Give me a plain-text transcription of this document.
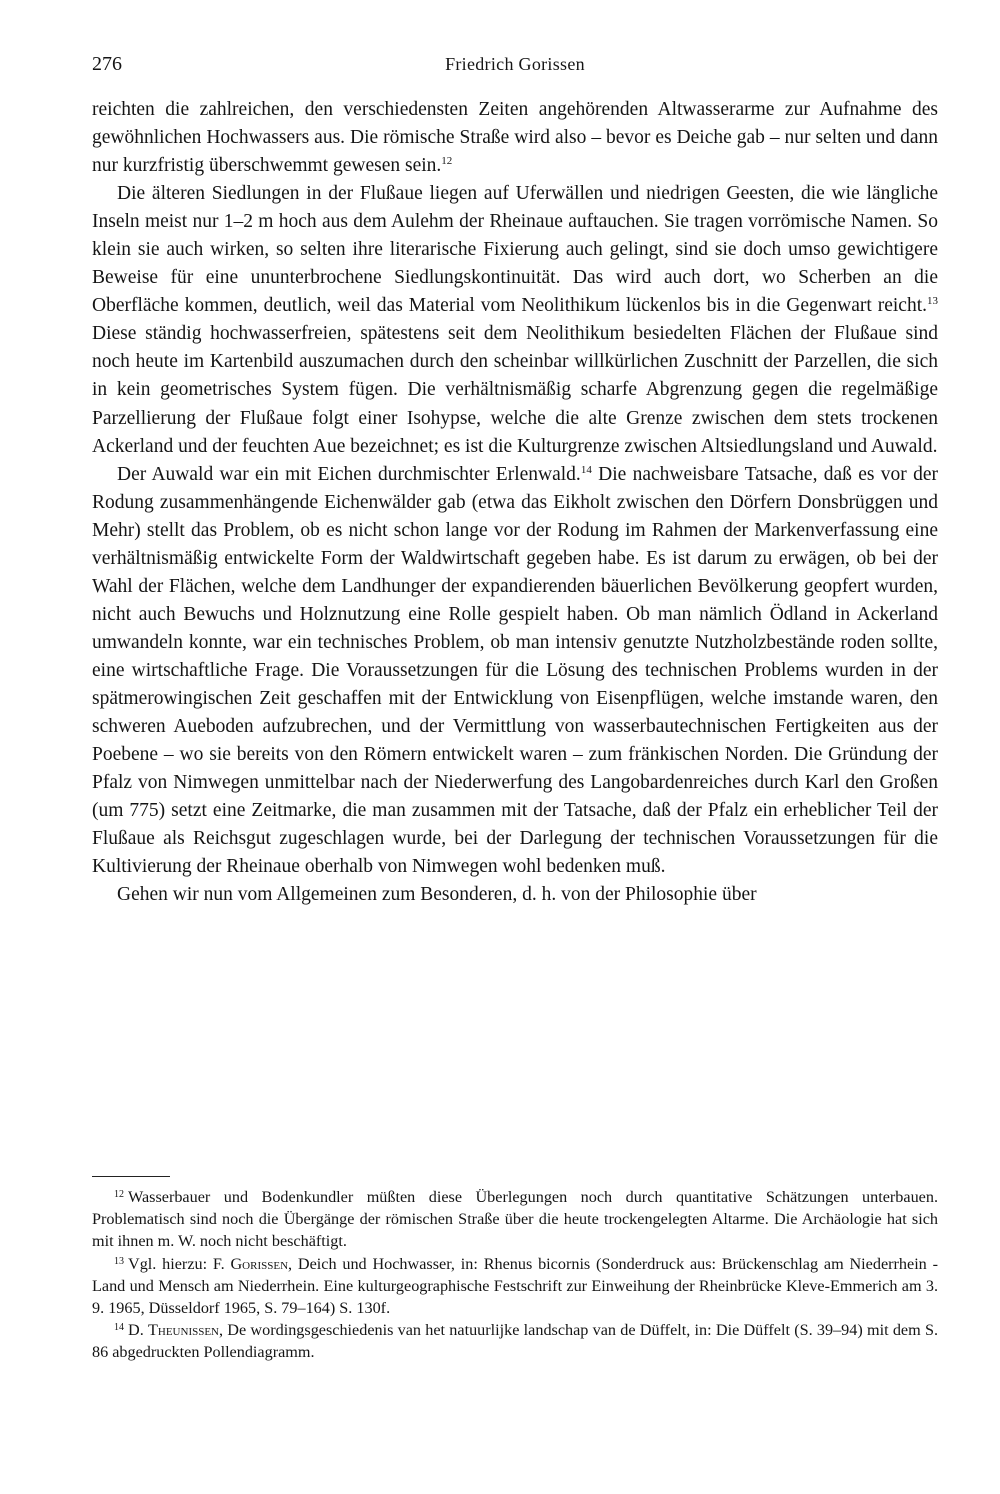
276	Friedrich Gorissen

reichten die zahlreichen, den verschiedensten Zeiten angehörenden Altwasserarme zur Aufnahme des gewöhnlichen Hochwassers aus. Die römische Straße wird also – bevor es Deiche gab – nur selten und dann nur kurzfristig überschwemmt gewesen sein.$^{12}$

Die älteren Siedlungen in der Flußaue liegen auf Uferwällen und niedrigen Geesten, die wie längliche Inseln meist nur 1–2 m hoch aus dem Aulehm der Rheinaue auftauchen. Sie tragen vorrömische Namen. So klein sie auch wirken, so selten ihre literarische Fixierung auch gelingt, sind sie doch umso gewichtigere Beweise für eine ununterbrochene Siedlungskontinuität. Das wird auch dort, wo Scherben an die Oberfläche kommen, deutlich, weil das Material vom Neolithikum lückenlos bis in die Gegenwart reicht.$^{13}$ Diese ständig hochwasserfreien, spätestens seit dem Neolithikum besiedelten Flächen der Flußaue sind noch heute im Kartenbild auszumachen durch den scheinbar willkürlichen Zuschnitt der Parzellen, die sich in kein geometrisches System fügen. Die verhältnismäßig scharfe Abgrenzung gegen die regelmäßige Parzellierung der Flußaue folgt einer Isohypse, welche die alte Grenze zwischen dem stets trockenen Ackerland und der feuchten Aue bezeichnet; es ist die Kulturgrenze zwischen Altsiedlungsland und Auwald.

Der Auwald war ein mit Eichen durchmischter Erlenwald.$^{14}$ Die nachweisbare Tatsache, daß es vor der Rodung zusammenhängende Eichenwälder gab (etwa das Eikholt zwischen den Dörfern Donsbrüggen und Mehr) stellt das Problem, ob es nicht schon lange vor der Rodung im Rahmen der Markenverfassung eine verhältnismäßig entwickelte Form der Waldwirtschaft gegeben habe. Es ist darum zu erwägen, ob bei der Wahl der Flächen, welche dem Landhunger der expandierenden bäuerlichen Bevölkerung geopfert wurden, nicht auch Bewuchs und Holznutzung eine Rolle gespielt haben. Ob man nämlich Ödland in Ackerland umwandeln konnte, war ein technisches Problem, ob man intensiv genutzte Nutzholzbestände roden sollte, eine wirtschaftliche Frage. Die Voraussetzungen für die Lösung des technischen Problems wurden in der spätmerowingischen Zeit geschaffen mit der Entwicklung von Eisenpflügen, welche imstande waren, den schweren Aueboden aufzubrechen, und der Vermittlung von wasserbautechnischen Fertigkeiten aus der Poebene – wo sie bereits von den Römern entwickelt waren – zum fränkischen Norden. Die Gründung der Pfalz von Nimwegen unmittelbar nach der Niederwerfung des Langobardenreiches durch Karl den Großen (um 775) setzt eine Zeitmarke, die man zusammen mit der Tatsache, daß der Pfalz ein erheblicher Teil der Flußaue als Reichsgut zugeschlagen wurde, bei der Darlegung der technischen Voraussetzungen für die Kultivierung der Rheinaue oberhalb von Nimwegen wohl bedenken muß.

Gehen wir nun vom Allgemeinen zum Besonderen, d. h. von der Philosophie über

$^{12}$ Wasserbauer und Bodenkundler müßten diese Überlegungen noch durch quantitative Schätzungen unterbauen. Problematisch sind noch die Übergänge der römischen Straße über die heute trockengelegten Altarme. Die Archäologie hat sich mit ihnen m. W. noch nicht beschäftigt.

$^{13}$ Vgl. hierzu: F. Gorissen, Deich und Hochwasser, in: Rhenus bicornis (Sonderdruck aus: Brückenschlag am Niederrhein - Land und Mensch am Niederrhein. Eine kulturgeographische Festschrift zur Einweihung der Rheinbrücke Kleve-Emmerich am 3. 9. 1965, Düsseldorf 1965, S. 79–164) S. 130f.

$^{14}$ D. Theunissen, De wordingsgeschiedenis van het natuurlijke landschap van de Düffelt, in: Die Düffelt (S. 39–94) mit dem S. 86 abgedruckten Pollendiagramm.
